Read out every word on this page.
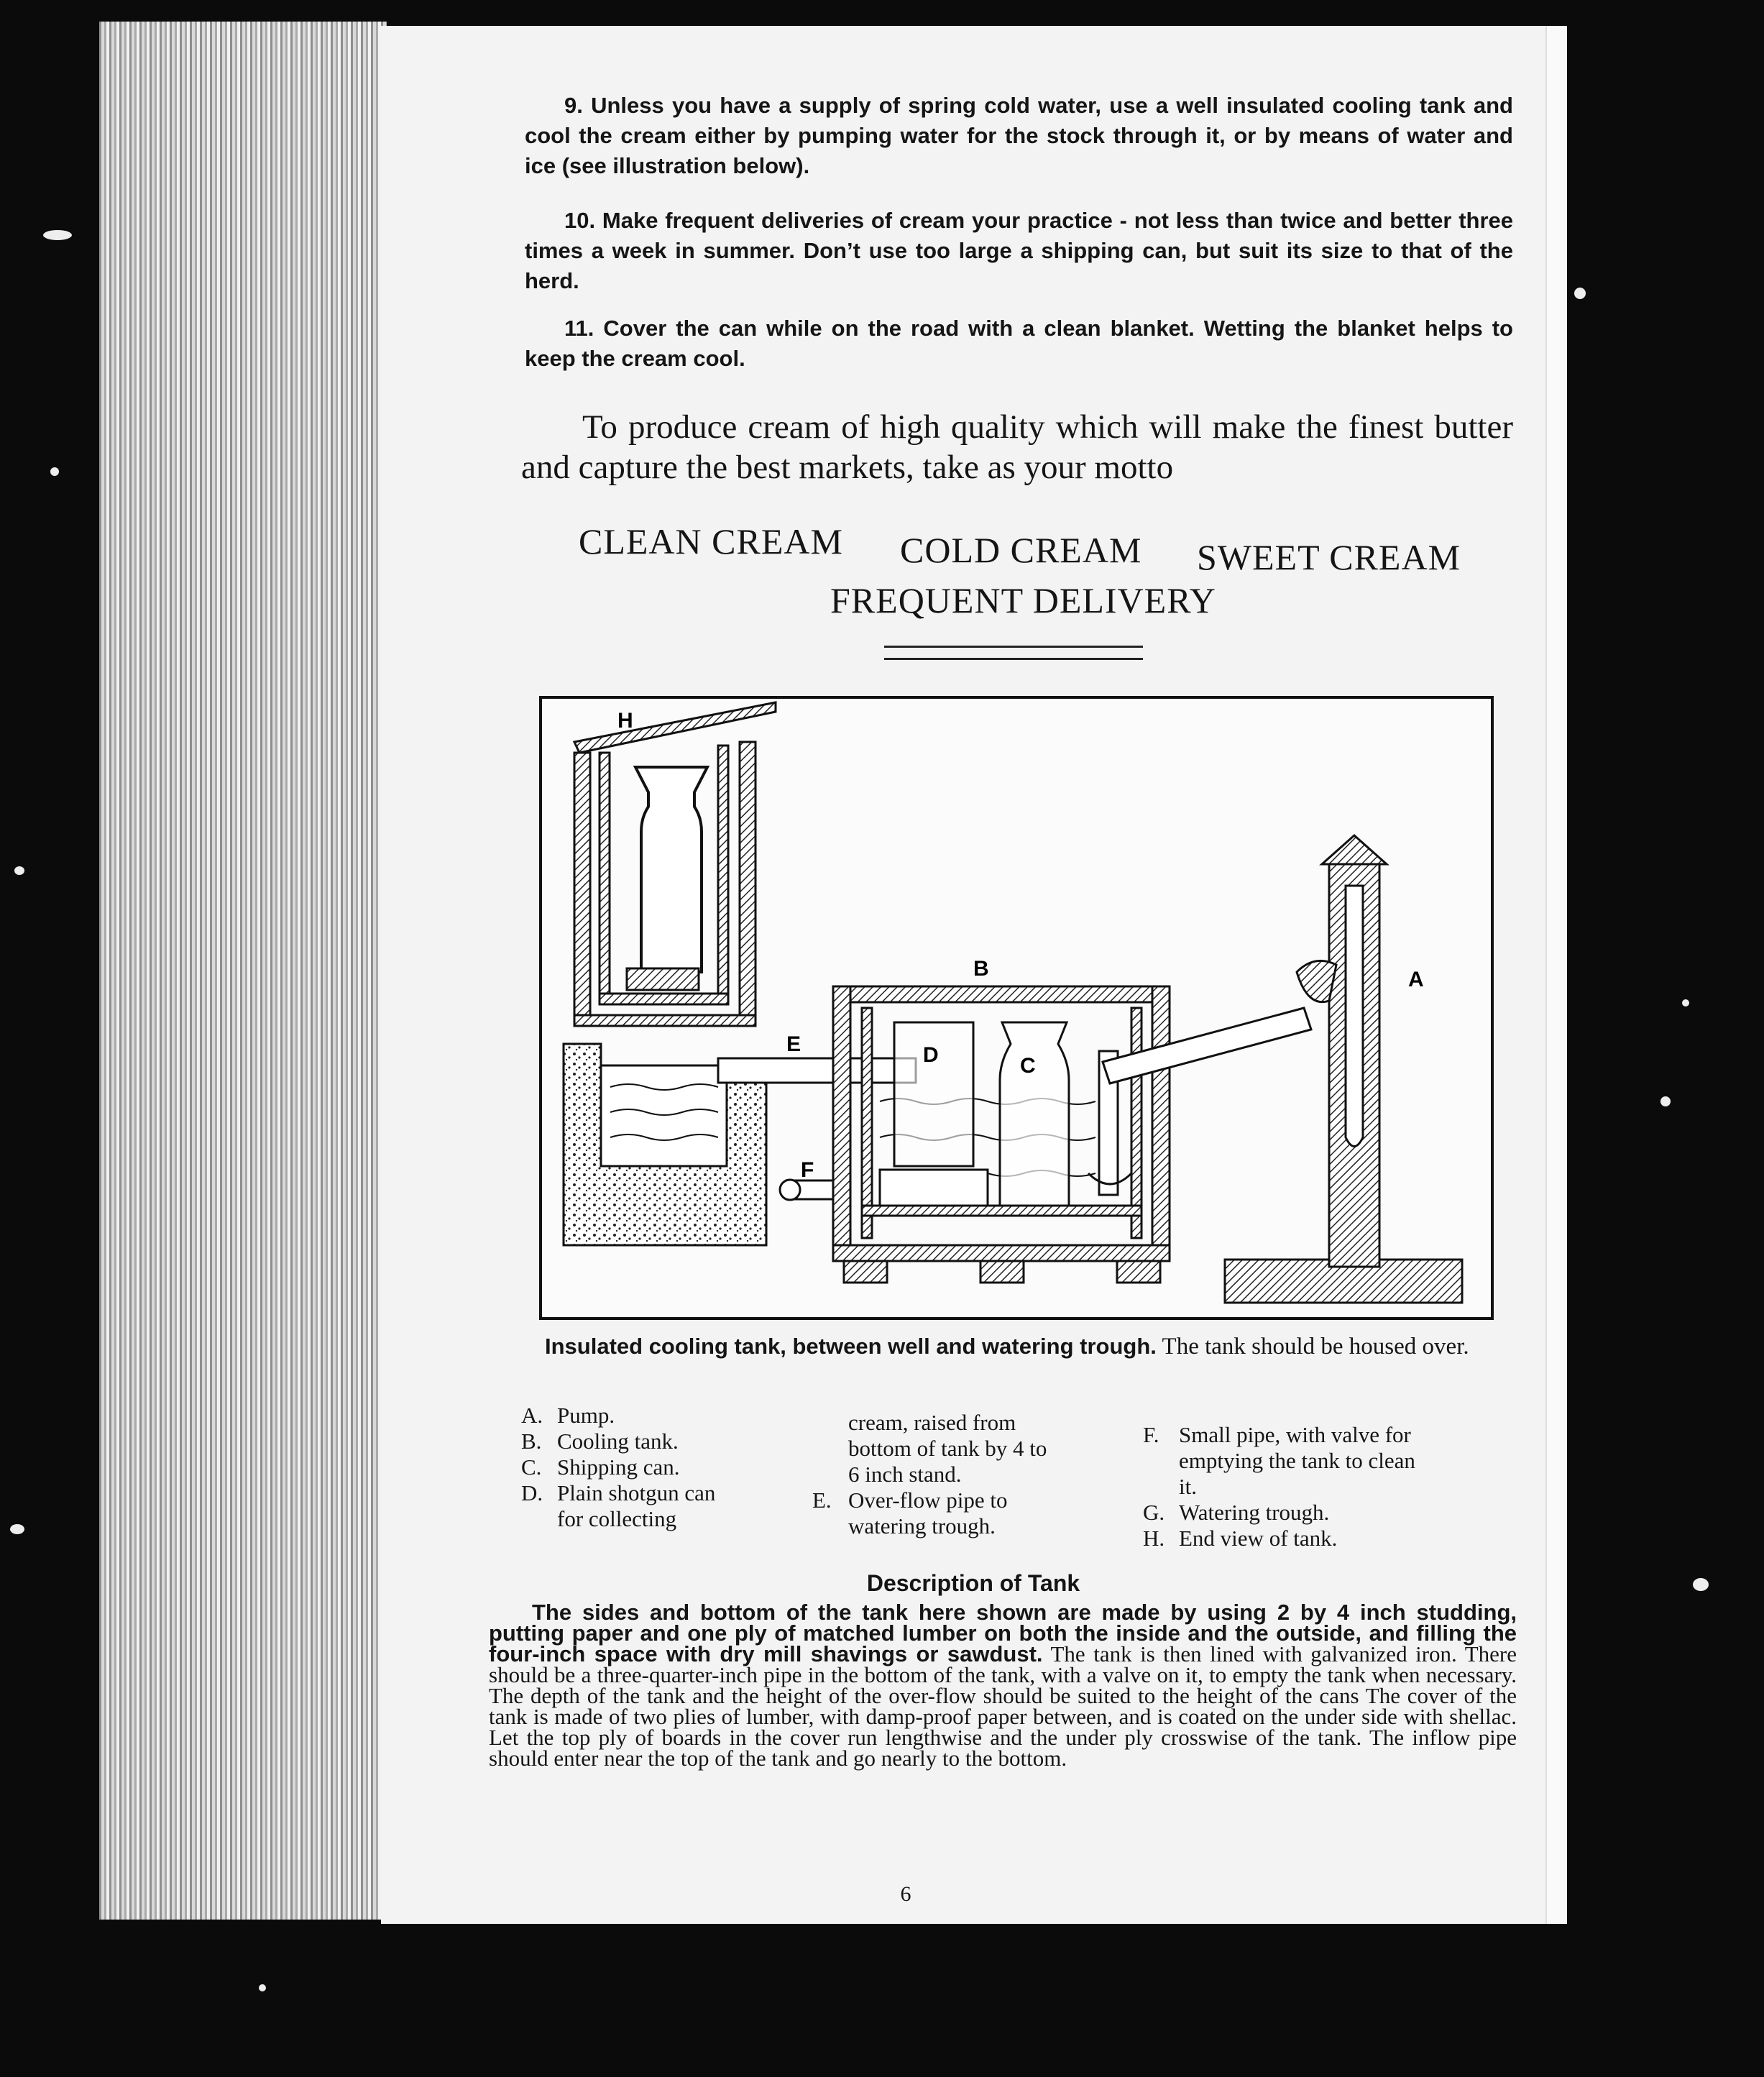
9. Unless you have a supply of spring cold water, use a well insulated cooling tank and cool the cream either by pumping water for the stock through it, or by means of water and ice (see illustration below).
10. Make frequent deliveries of cream your practice - not less than twice and better three times a week in summer. Don’t use too large a shipping can, but suit its size to that of the herd.
11. Cover the can while on the road with a clean blanket. Wetting the blanket helps to keep the cream cool.
To produce cream of high quality which will make the finest butter and capture the best markets, take as your motto
CLEAN CREAM COLD CREAM SWEET CREAM
FREQUENT DELIVERY
H
B	A
E	D	C
F
Insulated cooling tank, between well and watering trough. The tank should be housed over.
A. Pump.
B. Cooling tank.
C. Shipping can.
D. Plain shotgun can for collecting
cream, raised from bottom of tank by 4 to 6 inch stand.
E. Over-flow pipe to watering trough.
F. Small pipe, with valve for emptying the tank to clean it.
G. Watering trough.
H. End view of tank.
Description of Tank
The sides and bottom of the tank here shown are made by using 2 by 4 inch studding, putting paper and one ply of matched lumber on both the inside and the outside, and filling the four-inch space with dry mill shavings or sawdust. The tank is then lined with galvanized iron. There should be a three-quarter-inch pipe in the bottom of the tank, with a valve on it, to empty the tank when necessary. The depth of the tank and the height of the over-flow should be suited to the height of the cans The cover of the tank is made of two plies of lumber, with damp-proof paper between, and is coated on the under side with shellac. Let the top ply of boards in the cover run lengthwise and the under ply crosswise of the tank. The inflow pipe should enter near the top of the tank and go nearly to the bottom.
6
